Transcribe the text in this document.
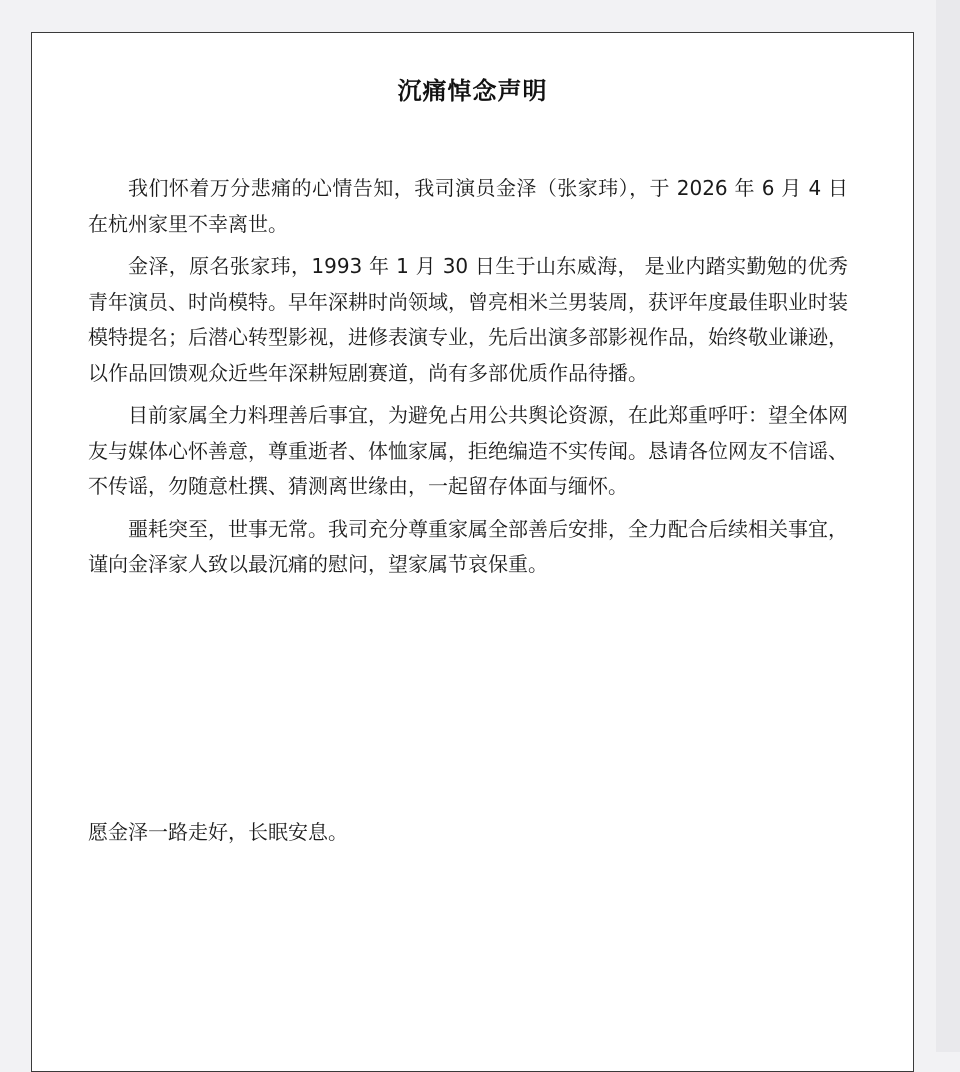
沉痛悼念声明

我们怀着万分悲痛的心情告知，我司演员金泽（张家玮），于 2026 年 6 月 4 日在杭州家里不幸离世。

金泽，原名张家玮，1993 年 1 月 30 日生于山东威海， 是业内踏实勤勉的优秀青年演员、时尚模特。早年深耕时尚领域，曾亮相米兰男装周，获评年度最佳职业时装模特提名；后潜心转型影视，进修表演专业，先后出演多部影视作品，始终敬业谦逊，以作品回馈观众近些年深耕短剧赛道，尚有多部优质作品待播。

目前家属全力料理善后事宜，为避免占用公共舆论资源，在此郑重呼吁：望全体网友与媒体心怀善意，尊重逝者、体恤家属，拒绝编造不实传闻。恳请各位网友不信谣、不传谣，勿随意杜撰、猜测离世缘由，一起留存体面与缅怀。

噩耗突至，世事无常。我司充分尊重家属全部善后安排，全力配合后续相关事宜，谨向金泽家人致以最沉痛的慰问，望家属节哀保重。

愿金泽一路走好，长眠安息。
